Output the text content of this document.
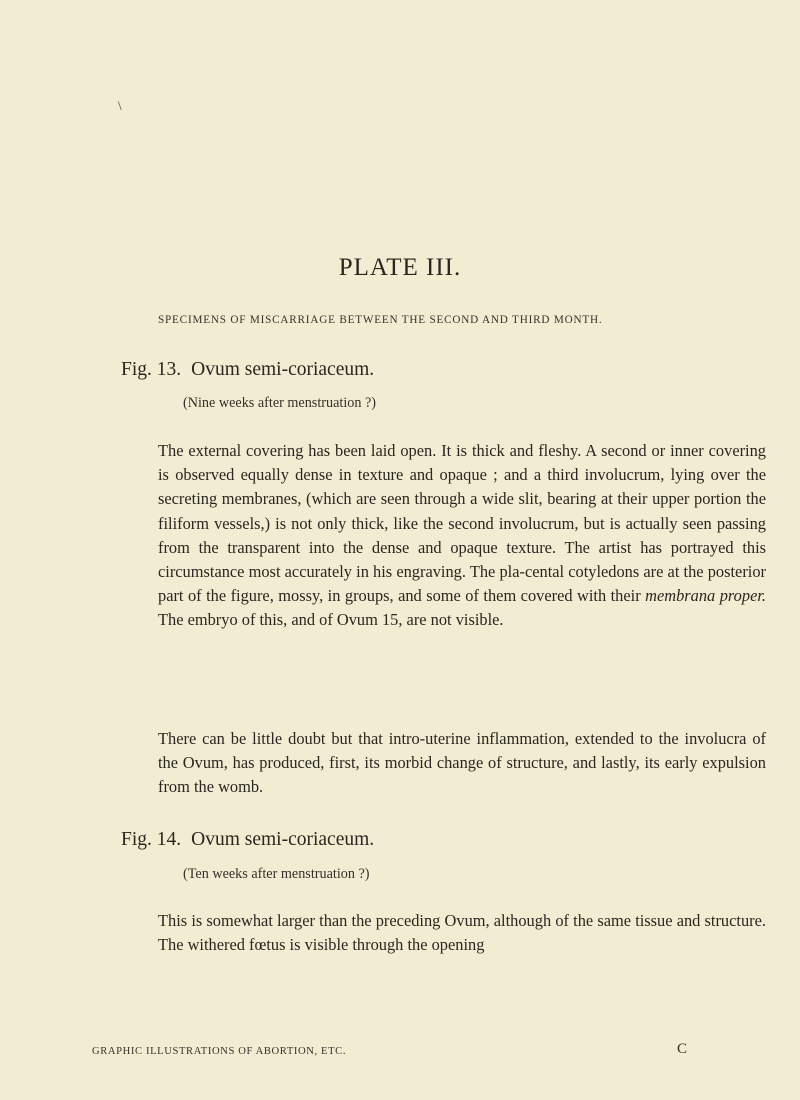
\
PLATE III.
SPECIMENS OF MISCARRIAGE BETWEEN THE SECOND AND THIRD MONTH.
Fig. 13. Ovum semi-coriaceum.
(Nine weeks after menstruation ?)
The external covering has been laid open. It is thick and fleshy. A second or inner covering is observed equally dense in texture and opaque ; and a third involucrum, lying over the secreting membranes, (which are seen through a wide slit, bearing at their upper portion the filiform vessels,) is not only thick, like the second involucrum, but is actually seen passing from the transparent into the dense and opaque texture. The artist has portrayed this circumstance most accurately in his engraving. The pla-cental cotyledons are at the posterior part of the figure, mossy, in groups, and some of them covered with their membrana proper. The embryo of this, and of Ovum 15, are not visible.
There can be little doubt but that intro-uterine inflammation, extended to the involucra of the Ovum, has produced, first, its morbid change of structure, and lastly, its early expulsion from the womb.
Fig. 14. Ovum semi-coriaceum.
(Ten weeks after menstruation ?)
This is somewhat larger than the preceding Ovum, although of the same tissue and structure. The withered fœtus is visible through the opening
GRAPHIC ILLUSTRATIONS OF ABORTION, ETC.	C
